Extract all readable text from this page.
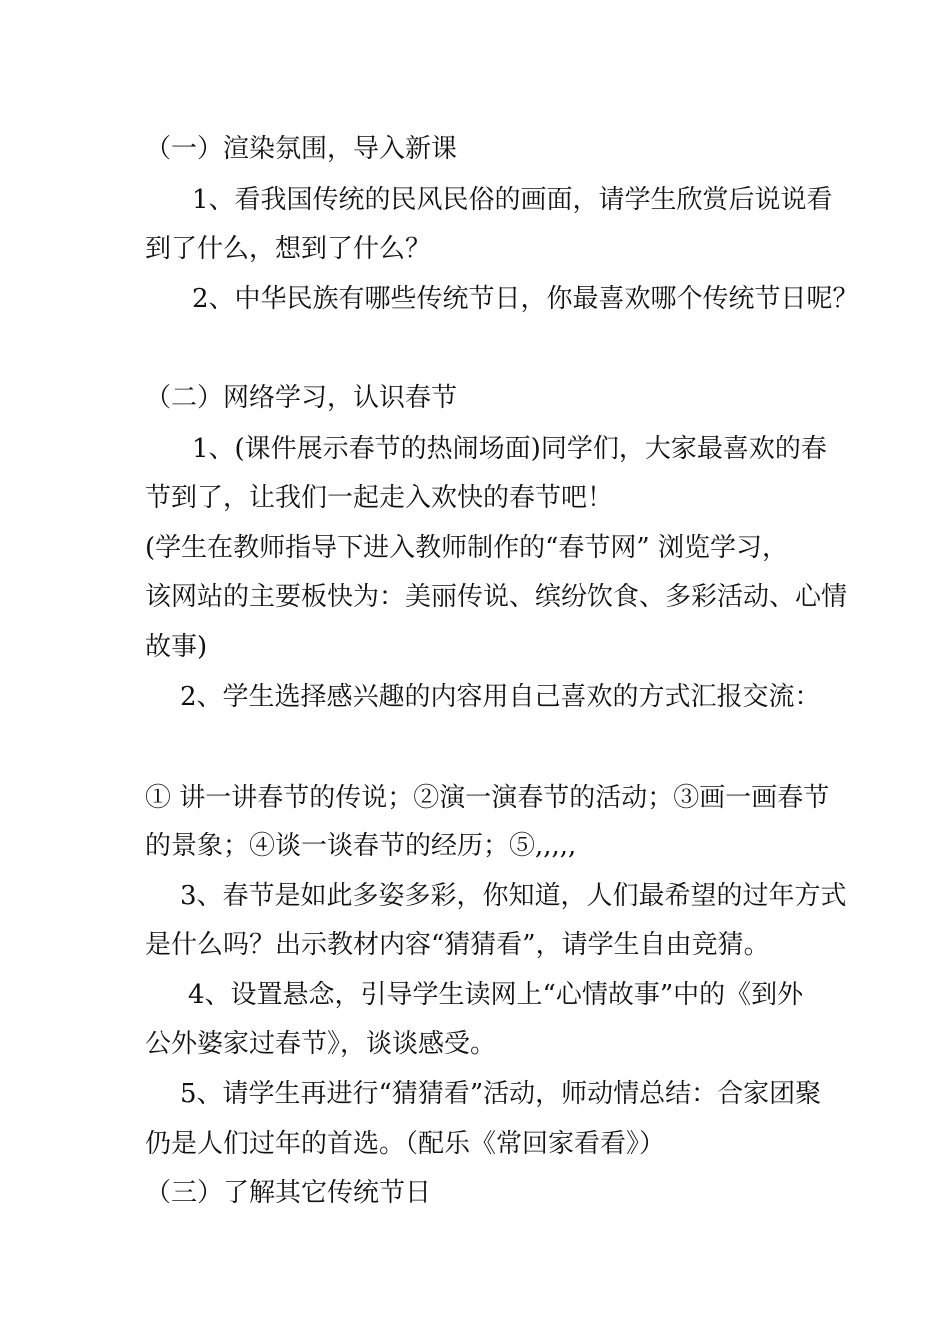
（一）渲染氛围，导入新课
1、看我国传统的民风民俗的画面，请学生欣赏后说说看
到了什么，想到了什么？
2、中华民族有哪些传统节日，你最喜欢哪个传统节日呢？
（二）网络学习，认识春节
1、(课件展示春节的热闹场面)同学们，大家最喜欢的春
节到了，让我们一起走入欢快的春节吧！
(学生在教师指导下进入教师制作的“春节网” 浏览学习，
该网站的主要板快为：美丽传说、缤纷饮食、多彩活动、心情
故事)
2、学生选择感兴趣的内容用自己喜欢的方式汇报交流：
① 讲一讲春节的传说；②演一演春节的活动；③画一画春节
的景象；④谈一谈春节的经历；⑤,,,,,
3、春节是如此多姿多彩，你知道，人们最希望的过年方式
是什么吗？出示教材内容“猜猜看”，请学生自由竞猜。
4、设置悬念，引导学生读网上“心情故事”中的《到外
公外婆家过春节》，谈谈感受。
5、请学生再进行“猜猜看”活动，师动情总结：合家团聚
仍是人们过年的首选。（配乐《常回家看看》）
（三）了解其它传统节日
